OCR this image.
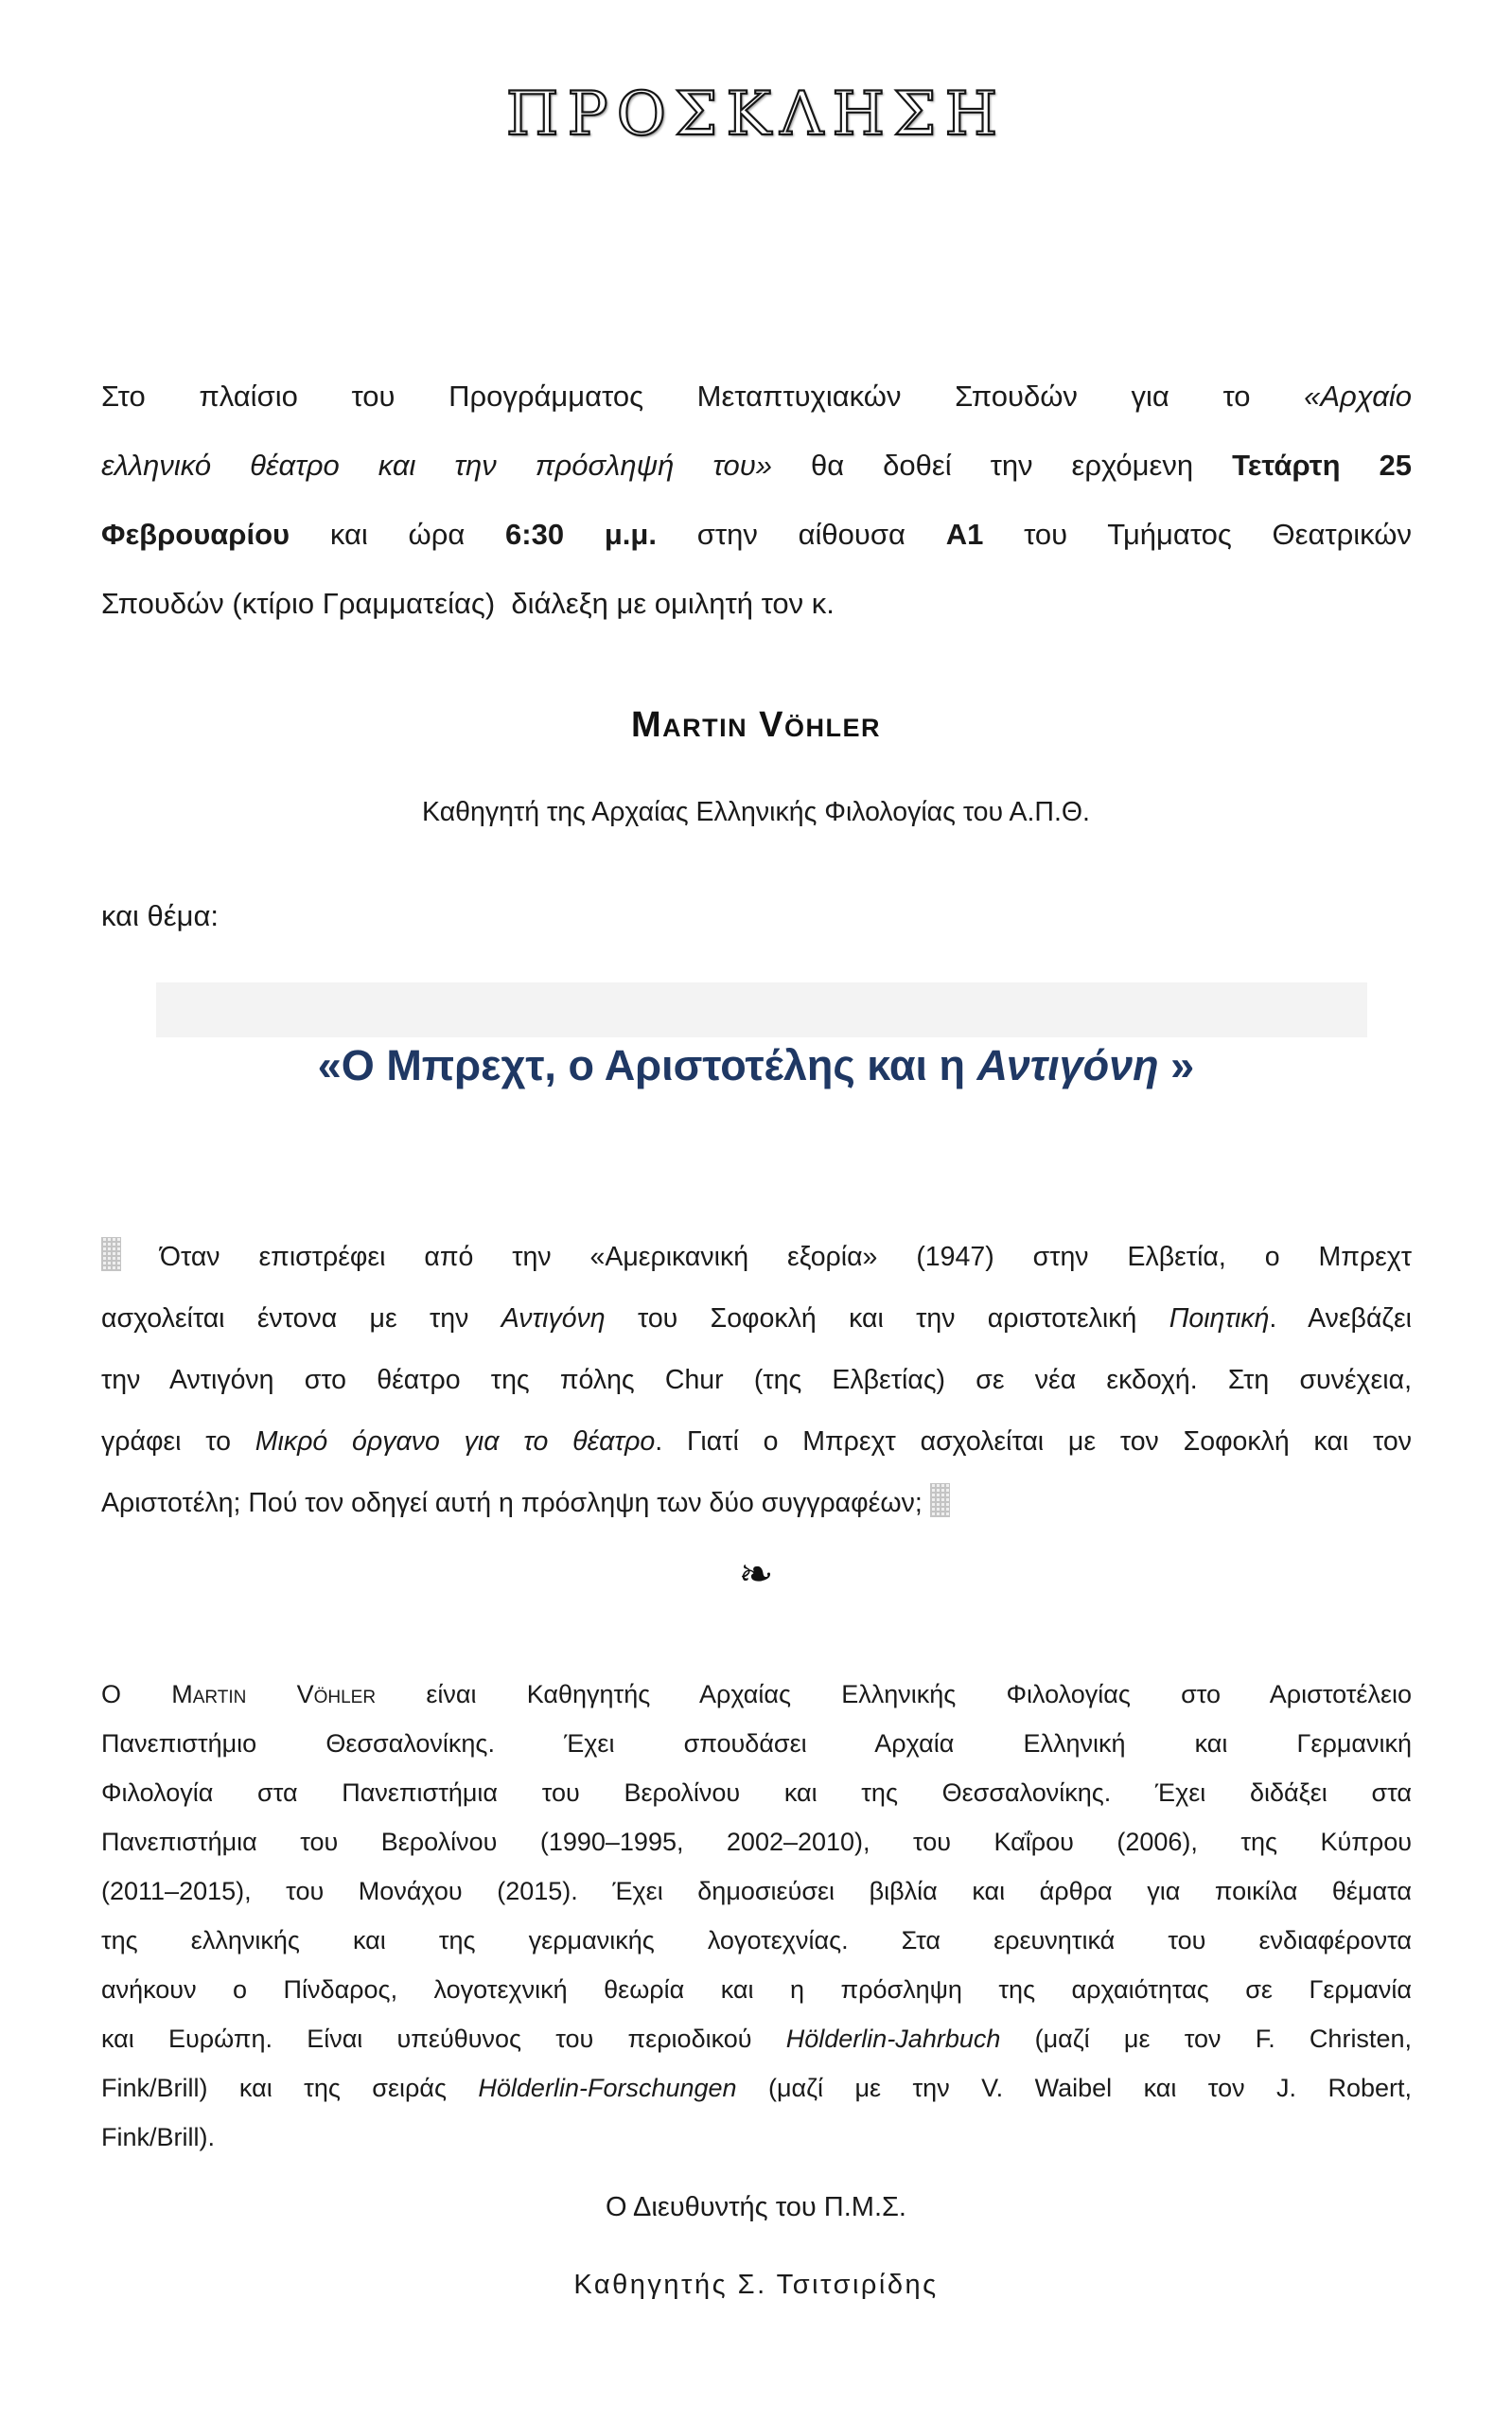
ΠΡΟΣΚΛΗΣΗ
Στο πλαίσιο του Προγράμματος Μεταπτυχιακών Σπουδών για το «Αρχαίο
ελληνικό θέατρο και την πρόσληψή του» θα δοθεί την ερχόμενη Τετάρτη 25
Φεβρουαρίου και ώρα 6:30 μ.μ. στην αίθουσα Α1 του Τμήματος Θεατρικών
Σπουδών (κτίριο Γραμματείας)  διάλεξη με ομιλητή τον κ.
Martin Vöhler
Καθηγητή της Αρχαίας Ελληνικής Φιλολογίας του Α.Π.Θ.
και θέμα:
«Ο Μπρεχτ, ο Αριστοτέλης και η Αντιγόνη »
Όταν επιστρέφει από την «Αμερικανική εξορία» (1947) στην Ελβετία, ο Μπρεχτ
ασχολείται έντονα με την Αντιγόνη του Σοφοκλή και την αριστοτελική Ποιητική. Ανεβάζει
την Αντιγόνη στο θέατρο της πόλης Chur (της Ελβετίας) σε νέα εκδοχή. Στη συνέχεια,
γράφει το Μικρό όργανο για το θέατρο. Γιατί ο Μπρεχτ ασχολείται με τον Σοφοκλή και τον
Αριστοτέλη; Πού τον οδηγεί αυτή η πρόσληψη των δύο συγγραφέων;
❧
Ο Martin Vöhler είναι Καθηγητής Αρχαίας Ελληνικής Φιλολογίας στο Αριστοτέλειο
Πανεπιστήμιο Θεσσαλονίκης. Έχει σπουδάσει Αρχαία Ελληνική και Γερμανική
Φιλολογία στα Πανεπιστήμια του Βερολίνου και της Θεσσαλονίκης. Έχει διδάξει στα
Πανεπιστήμια του Βερολίνου (1990–1995, 2002–2010), του Καΐρου (2006), της Κύπρου
(2011–2015), του Μονάχου (2015). Έχει δημοσιεύσει βιβλία και άρθρα για ποικίλα θέματα
της ελληνικής και της γερμανικής λογοτεχνίας. Στα ερευνητικά του ενδιαφέροντα
ανήκουν ο Πίνδαρος, λογοτεχνική θεωρία και η πρόσληψη της αρχαιότητας σε Γερμανία
και Ευρώπη. Είναι υπεύθυνος του περιοδικού Hölderlin-Jahrbuch (μαζί με τον F. Christen,
Fink/Brill) και της σειράς Hölderlin-Forschungen (μαζί με την V. Waibel και τον J. Robert,
Fink/Brill).
Ο Διευθυντής του Π.Μ.Σ.
Καθηγητής Σ. Τσιτσιρίδης
